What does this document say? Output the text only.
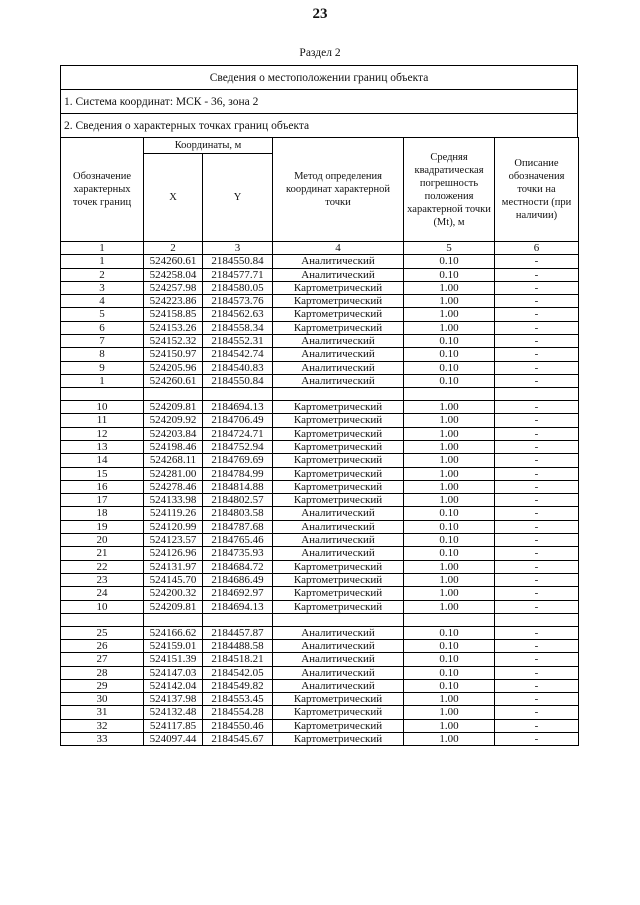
23
Раздел 2
Сведения о местоположении границ объекта
1. Система координат: МСК - 36, зона 2
2. Сведения о характерных точках границ объекта
Обозначение характерных точек границ	Координаты, м		Метод определения координат характерной точки	Средняя квадратическая погрешность положения характерной точки (Mt), м	Описание обозначения точки на местности (при наличии)
	X	Y			
1	2	3	4	5	6
1	524260.61	2184550.84	Аналитический	0.10	-
2	524258.04	2184577.71	Аналитический	0.10	-
3	524257.98	2184580.05	Картометрический	1.00	-
4	524223.86	2184573.76	Картометрический	1.00	-
5	524158.85	2184562.63	Картометрический	1.00	-
6	524153.26	2184558.34	Картометрический	1.00	-
7	524152.32	2184552.31	Аналитический	0.10	-
8	524150.97	2184542.74	Аналитический	0.10	-
9	524205.96	2184540.83	Аналитический	0.10	-
1	524260.61	2184550.84	Аналитический	0.10	-

10	524209.81	2184694.13	Картометрический	1.00	-
11	524209.92	2184706.49	Картометрический	1.00	-
12	524203.84	2184724.71	Картометрический	1.00	-
13	524198.46	2184752.94	Картометрический	1.00	-
14	524268.11	2184769.69	Картометрический	1.00	-
15	524281.00	2184784.99	Картометрический	1.00	-
16	524278.46	2184814.88	Картометрический	1.00	-
17	524133.98	2184802.57	Картометрический	1.00	-
18	524119.26	2184803.58	Аналитический	0.10	-
19	524120.99	2184787.68	Аналитический	0.10	-
20	524123.57	2184765.46	Аналитический	0.10	-
21	524126.96	2184735.93	Аналитический	0.10	-
22	524131.97	2184684.72	Картометрический	1.00	-
23	524145.70	2184686.49	Картометрический	1.00	-
24	524200.32	2184692.97	Картометрический	1.00	-
10	524209.81	2184694.13	Картометрический	1.00	-

25	524166.62	2184457.87	Аналитический	0.10	-
26	524159.01	2184488.58	Аналитический	0.10	-
27	524151.39	2184518.21	Аналитический	0.10	-
28	524147.03	2184542.05	Аналитический	0.10	-
29	524142.04	2184549.82	Аналитический	0.10	-
30	524137.98	2184553.45	Картометрический	1.00	-
31	524132.48	2184554.28	Картометрический	1.00	-
32	524117.85	2184550.46	Картометрический	1.00	-
33	524097.44	2184545.67	Картометрический	1.00	-
